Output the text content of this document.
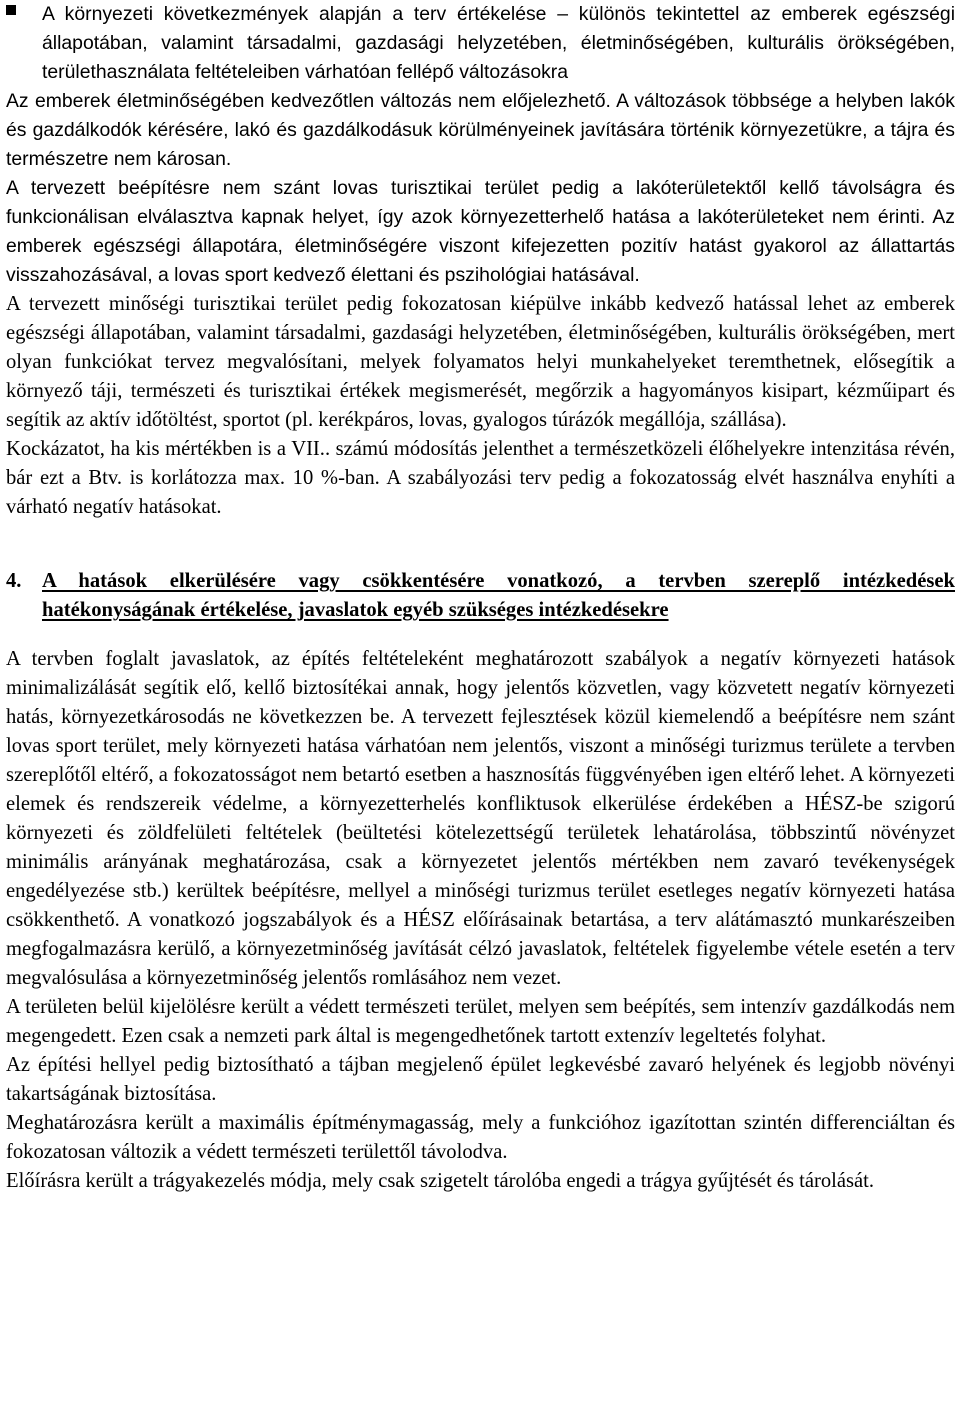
A környezeti következmények alapján a terv értékelése – különös tekintettel az emberek egészségi állapotában, valamint társadalmi, gazdasági helyzetében, életminőségében, kulturális örökségében, területhasználata feltételeiben várhatóan fellépő változásokra

Az emberek életminőségében kedvezőtlen változás nem előjelezhető. A változások többsége a helyben lakók és gazdálkodók kérésére, lakó és gazdálkodásuk körülményeinek javítására történik környezetükre, a tájra és természetre nem károsan.

A tervezett beépítésre nem szánt lovas turisztikai terület pedig a lakóterületektől kellő távolságra és funkcionálisan elválasztva kapnak helyet, így azok környezetterhelő hatása a lakóterületeket nem érinti. Az emberek egészségi állapotára, életminőségére viszont kifejezetten pozitív hatást gyakorol az állattartás visszahozásával, a lovas sport kedvező élettani és pszihológiai hatásával.

A tervezett minőségi turisztikai terület pedig fokozatosan kiépülve inkább kedvező hatással lehet az emberek egészségi állapotában, valamint társadalmi, gazdasági helyzetében, életminőségében, kulturális örökségében, mert olyan funkciókat tervez megvalósítani, melyek folyamatos helyi munkahelyeket teremthetnek, elősegítik a környező táji, természeti és turisztikai értékek megismerését, megőrzik a hagyományos kisipart, kézműipart és segítik az aktív időtöltést, sportot (pl. kerékpáros, lovas, gyalogos túrázók megállója, szállása).

Kockázatot, ha kis mértékben is a VII.. számú módosítás jelenthet a természetközeli élőhelyekre intenzitása révén, bár ezt a Btv. is korlátozza max. 10 %-ban. A szabályozási terv pedig a fokozatosság elvét használva enyhíti a várható negatív hatásokat.

4. A hatások elkerülésére vagy csökkentésére vonatkozó, a tervben szereplő intézkedések hatékonyságának értékelése, javaslatok egyéb szükséges intézkedésekre

A tervben foglalt javaslatok, az építés feltételeként meghatározott szabályok a negatív környezeti hatások minimalizálását segítik elő, kellő biztosítékai annak, hogy jelentős közvetlen, vagy közvetett negatív környezeti hatás, környezetkárosodás ne következzen be. A tervezett fejlesztések közül kiemelendő a beépítésre nem szánt lovas sport terület, mely környezeti hatása várhatóan nem jelentős, viszont a minőségi turizmus területe a tervben szereplőtől eltérő, a fokozatosságot nem betartó esetben a hasznosítás függvényében igen eltérő lehet. A környezeti elemek és rendszereik védelme, a környezetterhelés konfliktusok elkerülése érdekében a HÉSZ-be szigorú környezeti és zöldfelületi feltételek (beültetési kötelezettségű területek lehatárolása, többszintű növényzet minimális arányának meghatározása, csak a környezetet jelentős mértékben nem zavaró tevékenységek engedélyezése stb.) kerültek beépítésre, mellyel a minőségi turizmus terület esetleges negatív környezeti hatása csökkenthető. A vonatkozó jogszabályok és a HÉSZ előírásainak betartása, a terv alátámasztó munkarészeiben megfogalmazásra kerülő, a környezetminőség javítását célzó javaslatok, feltételek figyelembe vétele esetén a terv megvalósulása a környezetminőség jelentős romlásához nem vezet.

A területen belül kijelölésre került a védett természeti terület, melyen sem beépítés, sem intenzív gazdálkodás nem megengedett. Ezen csak a nemzeti park által is megengedhetőnek tartott extenzív legeltetés folyhat.

Az építési hellyel pedig biztosítható a tájban megjelenő épület legkevésbé zavaró helyének és legjobb növényi takartságának biztosítása.

Meghatározásra került a maximális építménymagasság, mely a funkcióhoz igazítottan szintén differenciáltan és fokozatosan változik a védett természeti területtől távolodva.

Előírásra került a trágyakezelés módja, mely csak szigetelt tárolóba engedi a trágya gyűjtését és tárolását.
